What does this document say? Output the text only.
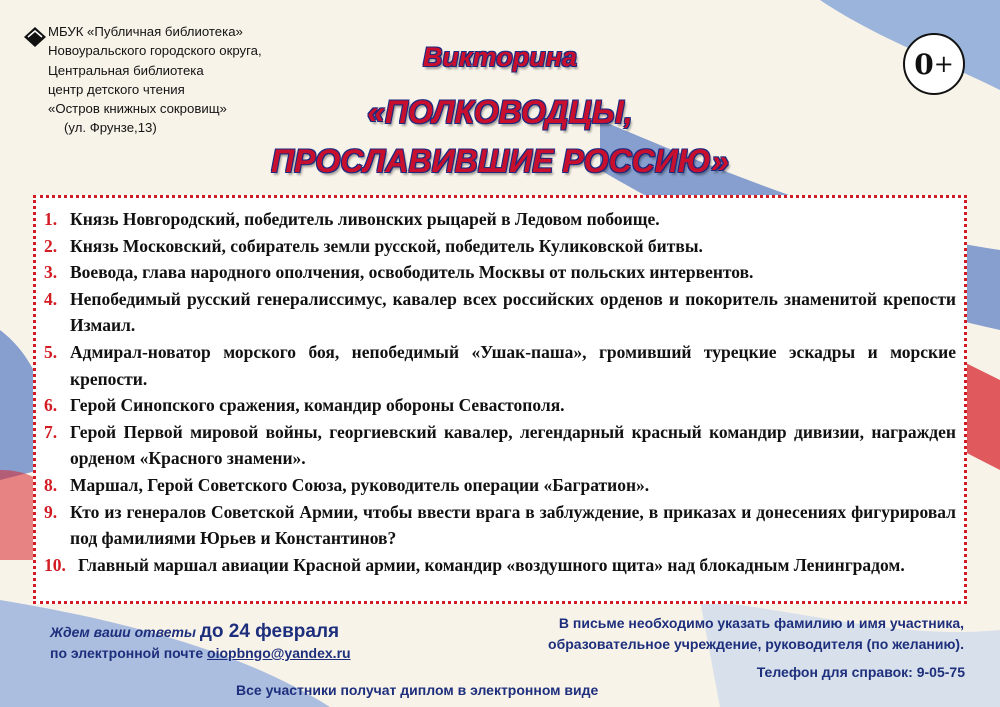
МБУК «Публичная библиотека»
Новоуральского городского округа,
Центральная библиотека
центр детского чтения
«Остров книжных сокровищ»
(ул. Фрунзе,13)
Викторина
«ПОЛКОВОДЦЫ,
ПРОСЛАВИВШИЕ РОССИЮ»
0 +
1. Князь Новгородский, победитель ливонских рыцарей в Ледовом побоище.
2. Князь Московский, собиратель земли русской, победитель Куликовской битвы.
3. Воевода, глава народного ополчения, освободитель Москвы от польских интервентов.
4. Непобедимый русский генералиссимус, кавалер всех российских орденов и покоритель знаменитой крепости Измаил.
5. Адмирал-новатор морского боя, непобедимый «Ушак-паша», громивший турецкие эскадры и морские крепости.
6. Герой Синопского сражения, командир обороны Севастополя.
7. Герой Первой мировой войны, георгиевский кавалер, легендарный красный командир дивизии, награжден орденом «Красного знамени».
8. Маршал, Герой Советского Союза, руководитель операции «Багратион».
9. Кто из генералов Советской Армии, чтобы ввести врага в заблуждение, в приказах и донесениях фигурировал под фамилиями Юрьев и Константинов?
10. Главный маршал авиации Красной армии, командир «воздушного щита» над блокадным Ленинградом.
Ждем ваши ответы до 24 февраля
по электронной почте oiopbngo@yandex.ru
В письме необходимо указать фамилию и имя участника,
образовательное учреждение, руководителя (по желанию).
Телефон для справок: 9-05-75
Все участники получат диплом в электронном виде
